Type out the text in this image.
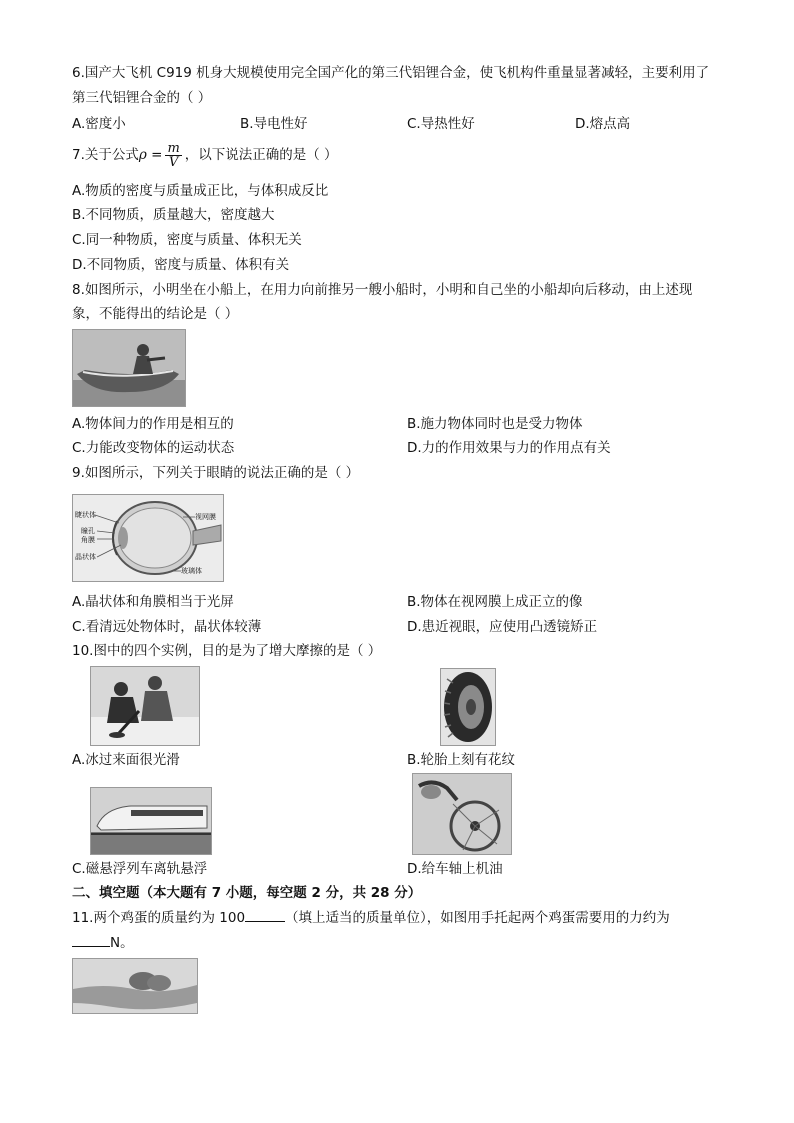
6.国产大飞机 C919 机身大规模使用完全国产化的第三代铝锂合金，使飞机构件重量显著减轻，主要利用了
第三代铝锂合金的（ ）
A.密度小	B.导电性好	C.导热性好	D.熔点高
7.关于公式$\rho = \frac{m}{V}$ ，以下说法正确的是（ ）
A.物质的密度与质量成正比，与体积成反比
B.不同物质，质量越大，密度越大
C.同一种物质，密度与质量、体积无关
D.不同物质，密度与质量、体积有关
8.如图所示，小明坐在小船上，在用力向前推另一艘小船时，小明和自己坐的小船却向后移动，由上述现
象，不能得出的结论是（ ）
A.物体间力的作用是相互的	B.施力物体同时也是受力物体
C.力能改变物体的运动状态	D.力的作用效果与力的作用点有关
9.如图所示，下列关于眼睛的说法正确的是（ ）
睫状体
瞳孔
角膜
晶状体
视网膜
玻璃体
A.晶状体和角膜相当于光屏	B.物体在视网膜上成正立的像
C.看清远处物体时，晶状体较薄	D.患近视眼，应使用凸透镜矫正
10.图中的四个实例，目的是为了增大摩擦的是（ ）
A.冰过来面很光滑	B.轮胎上刻有花纹
C.磁悬浮列车离轨悬浮	D.给车轴上机油
二、填空题（本大题有 7 小题，每空题 2 分，共 28 分）
11.两个鸡蛋的质量约为 100	（填上适当的质量单位），如图用手托起两个鸡蛋需要用的力约为
N。
